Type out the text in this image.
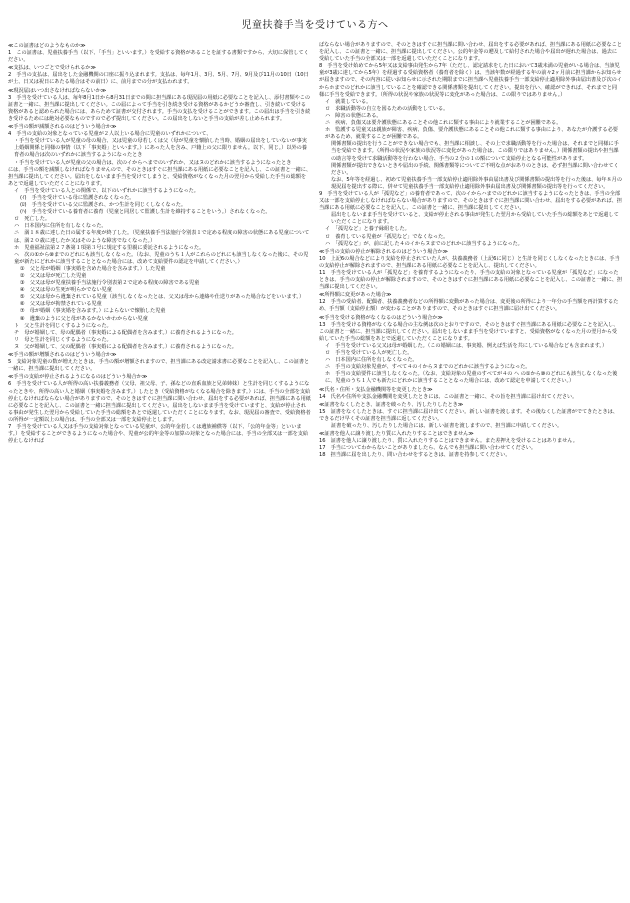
児童扶養手当を受けている方へ
≪この証書はどのようなものか≫
1　この証書は、児童扶養手当（以下、「手当」といいます。）を受給する資格があることを証する書類ですから、大切に保管してください。
≪支払は、いつごとで受けられるか≫
2　手当の支払は、届出をした金融機関の口座に振り込まれます。支払は、毎年1月、3月、5月、7月、9月及び11月の10日（10日が土、日又は祝日にあたる場合はその前日）に、前月までの分が支払われます。
≪現況届はいつ出さなければならないか≫
3　手当を受けている人は、毎年8月1日から8月31日までの間に担当課にある現況届の用紙に必要なことを記入し、添付書類やこの証書と一緒に、担当課に提出してください。この届によって手当を引き続き受ける資格があるかどうか審査し、引き続いて受ける資格があると認められた場合には、あらためて証書が交付されます。手当の支払を受けることができます。この届出は手当を引き続き受けるためには絶対必要なものですので必ず提出してください。この届出をしないと手当の支給が差し止められます。
≪手当の額が減額されるのはどういう場合か≫
4　手当の支給の対象となっている児童が２人以上いる場合に児童のいずれかについて、
・手当を受けている人が児童の母の場合、又は児童の母若しくは父（母が児童を懐胎した当時、婚姻の届出をしていないが事実上婚姻関係と同様の事情（以下「事実婚」といいます。）にあった人を含み、戸籍上の父に限りません。以下、同じ。）以外の養育者の場合は次のいずれかに該当するようになったとき
・手当を受けている人が児童の父の場合は、次のイからヘまでのいずれか、又はヌのどれかに該当するようになったとき
には、手当の額を減額しなければなりませんので、そのときはすぐに担当課にある用紙に必要なことを記入し、この証書と一緒に、担当課に提出してください。届出をしないまま手当を受けてしまうと、受給資格がなくなった月の翌月から受給した手当の総額をあとで返還していただくことになります。
イ　手当を受けている人との関係で、以下のいずれかに該当するようになった。
(ｲ)　手当を受けている母に監護されなくなった。
(ﾛ)　手当を受けている父に監護され、かつ生計を同じくしなくなった。
(ﾊ)　手当を受けている養育者に養育（児童と同居して監護し生計を維持することをいう。）されなくなった。
ロ　死亡した。
ハ　日本国内に住所を有しなくなった。
ニ　満１８歳に達した日の属する年度が終了した。（児童扶養手当法施行令別表１で定める程度の障害の状態にある児童については、満２０歳に達したか又はそのような障害でなくなった。）
ホ　児童福祉法第２７条第１項第３号に規定する里親に委託されるようになった。
ヘ　次の①から⑩までのどれにも該当しなくなった。（なお、児童のうち１人がこれらのどれにも該当しなくなった後に、その児童が新たにどれかに該当することとなった場合には、改めて支給要件の認定を申請してください。）
①　父と母が婚姻（事実婚を含めた場合を含みます。）した児童
②　父又は母が死亡した児童
③　父又は母が児童扶養手当法施行令別表第２で定める程度の障害である児童
④　父又は母の生死が明らかでない児童
⑤　父又は母から遺棄されている児童（該当しなくなったとは、父又は母から連絡や仕送りがあった場合などをいいます。）
⑥　父又は母が拘禁されている児童
⑦　母が婚姻（事実婚を含みます。）によらないで懐胎した児童
⑧　遺棄のように父と母があるかないかわからない児童
ト　父と生計を同じくするようになった。
チ　母が婚姻して、母の配偶者（事実婚による配偶者を含みます。）に養育されるようになった。
リ　母と生計を同じくするようになった。
ヌ　父が婚姻して、父の配偶者（事実婚による配偶者を含みます。）に養育されるようになった。
≪手当の額が増額されるのはどういう場合か≫
5　支給対象児童の数が増えたときは、手当の額が増額されますので、担当課にある改定請求書に必要なことを記入し、この証書と一緒に、担当課に提出してください。
≪手当の支給が停止されるようになるのはどういう場合か≫
6　手当を受けている人が所得の高い扶養義務者（父母、祖父母、子、孫などの直系血族と兄弟姉妹）と生計を同じくするようになったときや、所得の高い人と婚姻（事実婚を含みます。）したとき（受給資格がなくなる場合を除きます。）には、手当の全部を支給停止しなければならない場合がありますので、そのときはすぐに担当課に問い合わせ、届出をする必要があれば、担当課にある用紙に必要なことを記入し、この証書と一緒に担当課に提出してください。届出をしないまま手当を受けていますと、支給が停止される事由が発生した翌月から受給していた手当の総額をあとで返還していただくことになります。なお、現況届の審査で、受給資格者の所得が一定額以上の場合は、手当の全部又は一部を支給停止とします。
7　手当を受けている人又は手当の支給対象となっている児童が、公的年金若しくは遺族補償等（以下、「公的年金等」といいます。）を受給することができるようになった場合や、児童が公的年金等の加算の対象となった場合には、手当の全部又は一部を支給停止しなければ
ばならない場合がありますので、そのときはすぐに担当課に問い合わせ、届出をする必要があれば、担当課にある用紙に必要なことを記入し、この証書と一緒に、担当課に提出してください。公的年金等の遡及して給付された場合や届出が遅れた場合は、過去に受給していた手当の全部又は一部を返還していただくことになります。
8　手当を受け始めてから5年又は支給事由発生から7年（ただし、認定請求をした日において3歳未満の児童がいる場合は、当該児童が3歳に達してから5年）を経過する受給資格者（養育者を除く）は、当該年数が経過する年の前々2ヶ月前に担当課からお知らせが届きますので、その内容に従いお知らせに示された期限までに担当課へ児童扶養手当一部支給停止適用除外事由届出書及び次のイからホまでのどれかに該当していることを確認できる関係書類を提出してください。提出を行い、確認ができれば、それまでと同様に手当を受給できます。（所得の状況や家族の状況等に変化があった場合は、この限りではありません。）
イ　就業している。
ロ　求職活動等の自立を図るための活動をしている。
ハ　障害の状態にある。
ニ　疾病、負傷又は要介護状態にあることその他これに類する事由により就業することが困難である。
ホ　監護する児童又は親族が障害、疾病、負傷、要介護状態にあることその他これに類する事由により、あなたが介護する必要があるため、就業することが困難である。
関係書類の提出を行うことができない場合でも、担当課に相談し、その上で求職活動等を行った場合は、それまでと同様に手当を受給できます。（所得の状況や家族の状況等に変化があった場合は、この限りではありません。）関係書類の提出や担当課の助言等を受けて求職活動等を行わない場合、手当の２分の１の額について支給停止となる可能性があります。
関係書類が提出できないときや届出の手続、関係書類等についてご不明な点がおありのときは、必ず担当課に問い合わせてください。
なお、5年等を経過し、初めて児童扶養手当一部支給停止適用除外事由届出書及び関係書類の提出等を行った後は、毎年８月の現況届を提出する際に、併せて児童扶養手当一部支給停止適用除外事由届出書及び関係書類の提出等を行ってください。
9　手当を受けている人が「孤児など」の養育者であって、次のイからハまでのどれかに該当するようになったときは、手当の全部又は一部を支給停止しなければならない場合がありますので、そのときはすぐに担当課に問い合わせ、届出をする必要があれば、担当課にある用紙に必要なことを記入し、この証書と一緒に、担当課に提出してください。
届出をしないまま手当を受けていると、支給が停止される事由が発生した翌月から受給していた手当の総額をあとで返還していただくことになります。
イ　「孤児など」と養子縁組をした。
ロ　養育している児童が「孤児など」でなくなった。
ハ　「孤児など」が、前に記した４のイからヌまでのどれかに該当するようになった。
≪手当の支給の停止が解除されるのはどういう場合か≫
10　上記6の場合などにより支給を停止されていた人が、扶養義務者（上記6に同じ）と生計を同じくしなくなったときには、手当の支給停止が解除されますので、担当課にある用紙に必要なことを記入し、提出してください。
11　手当を受けている人が「孤児など」を養育するようになったり、手当の支給の対象となっている児童が「孤児など」になったときは、手当の支給の停止が解除されますので、そのときはすぐに担当課にある用紙に必要なことを記入し、この証書と一緒に、担当課に提出してください。
≪所得額に変更があった場合≫
12　手当の受給者、配偶者、扶養義務者などの所得額に変動があった場合は、変更後の所得により一年分の手当額を再計算するため、手当額（支給停止額）が変わることがありますので、そのときはすぐに担当課に届け出てください。
≪手当を受ける資格がなくなるのはどういう場合か≫
13　手当を受ける資格がなくなる場合の主な例は次のとおりですので、そのときはすぐ担当課にある用紙に必要なことを記入し、この証書と一緒に、担当課に提出してください。届出をしないまま手当を受けていますと、受給資格がなくなった月の翌月から受給していた手当の総額をあとで返還していただくことになります。
イ　手当を受けている父又は母が婚姻した。（この婚姻には、事実婚、例えば生活を共にしている場合なども含まれます。）
ロ　手当を受けている人が死亡した。
ハ　日本国内に住所を有しなくなった。
ニ　手当の支給対象児童が、すべて４のイからヌまでのどれかに該当するようになった。
ホ　手当の支給要件に該当しなくなった。（なお、支給対象の児童のすべてが４の へ の①から⑩のどれにも該当しなくなった後に、児童のうち１人でも新たにどれかに該当することとなった場合には、改めて認定を申請してください。）
≪氏名・住所・支払金融機関等を変更したとき≫
14　氏名や住所や支払金融機関を変更したときには、この証書と一緒に、その旨を担当課に届け出てください。
≪証書をなくしたとき、証書を破ったり、汚したりしたとき≫
15　証書をなくしたときは、すぐに担当課に届け出てください。新しい証書を渡します。その後なくした証書がでてきたときは、できるだけ早くその証書を担当課に返してください。
証書を破ったり、汚したりした場合には、新しい証書を渡しますので、担当課に申請してください。
≪証書を他人に譲り渡したり質に入れたりすることはできません≫
16　証書を他人に譲り渡したり、質に入れたりすることはできません。また差押えを受けることはありません。
17　手当についてわからないことがありましたら、なんでも担当課に問い合わせてください。
18　担当課に届を出したり、問い合わせをするときは、証書を持参してください。
